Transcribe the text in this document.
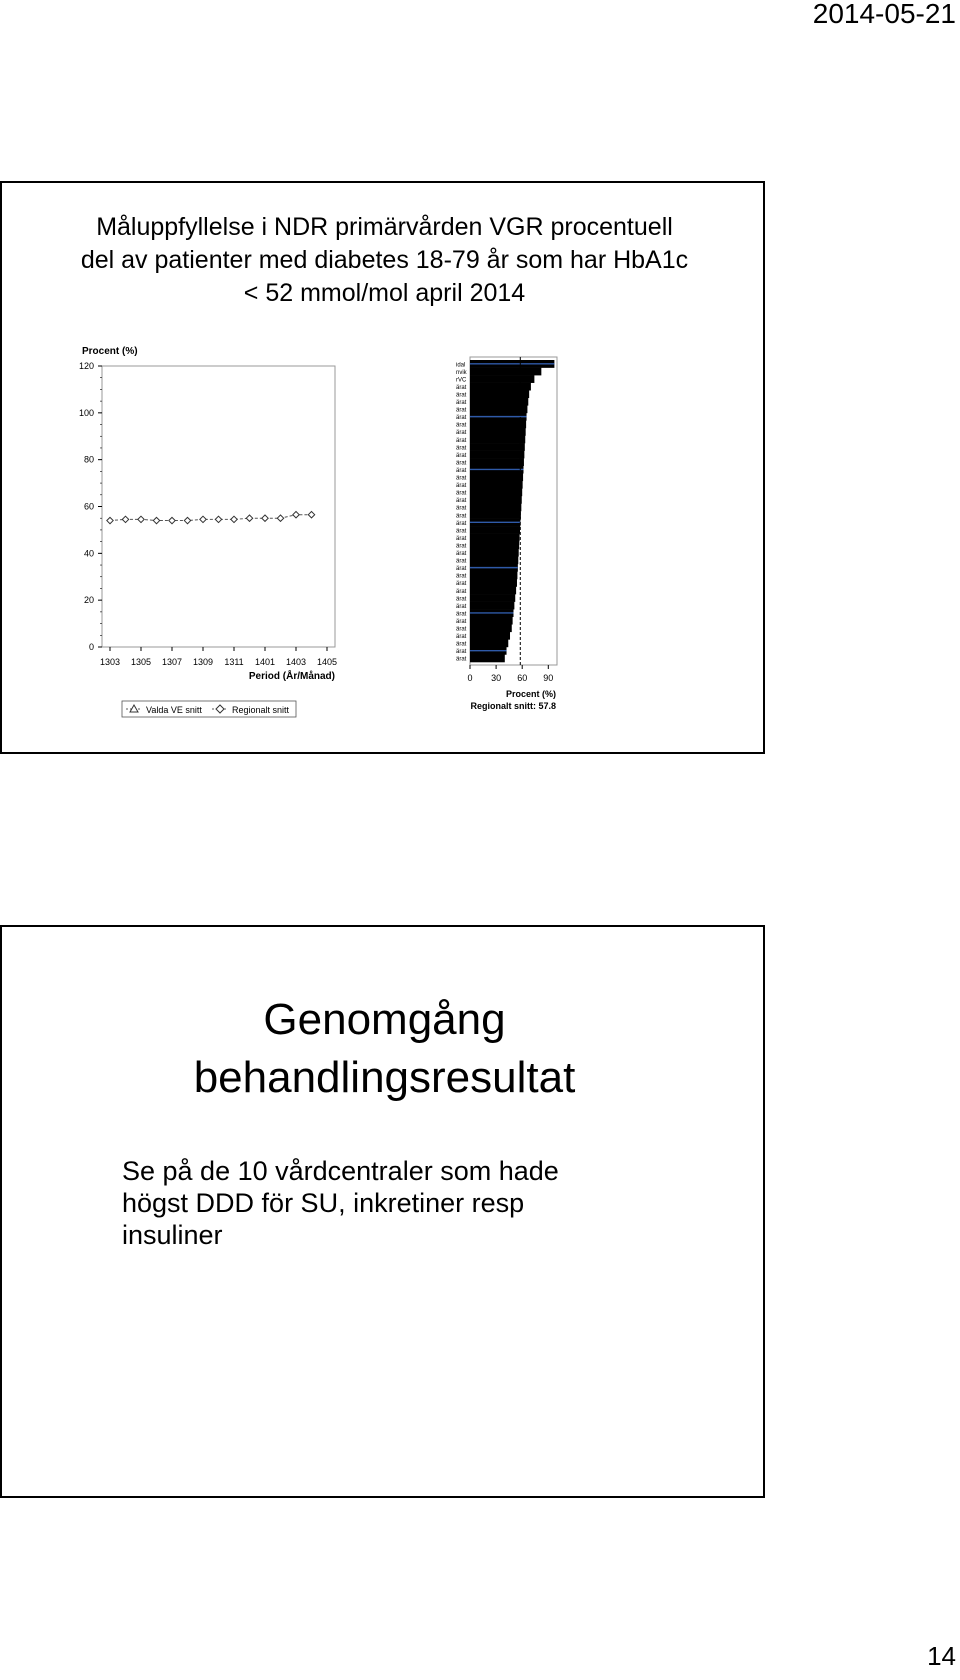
2014-05-21
Måluppfyllelse i NDR primärvården VGR procentuell
del av patienter med diabetes 18-79 år som har HbA1c
< 52 mmol/mol april 2014
Procent (%)
0
20
40
60
80
100
120
1303 1305 1307 1309 1311 1401 1403 1405
Period (År/Månad)
Valda VE snitt	Regionalt snitt
idal
nvik
rVC
ärat
ärat
ärat
ärat
ärat
ärat
ärat
ärat
ärat
ärat
ärat
ärat
ärat
ärat
ärat
ärat
ärat
ärat
ärat
ärat
ärat
ärat
ärat
ärat
ärat
ärat
ärat
ärat
ärat
ärat
ärat
ärat
ärat
ärat
ärat
ärat
ärat
0 30 60 90
Procent (%)
Regionalt snitt: 57.8
Genomgång
behandlingsresultat
Se på de 10 vårdcentraler som hade
högst DDD för SU, inkretiner resp
insuliner
14
